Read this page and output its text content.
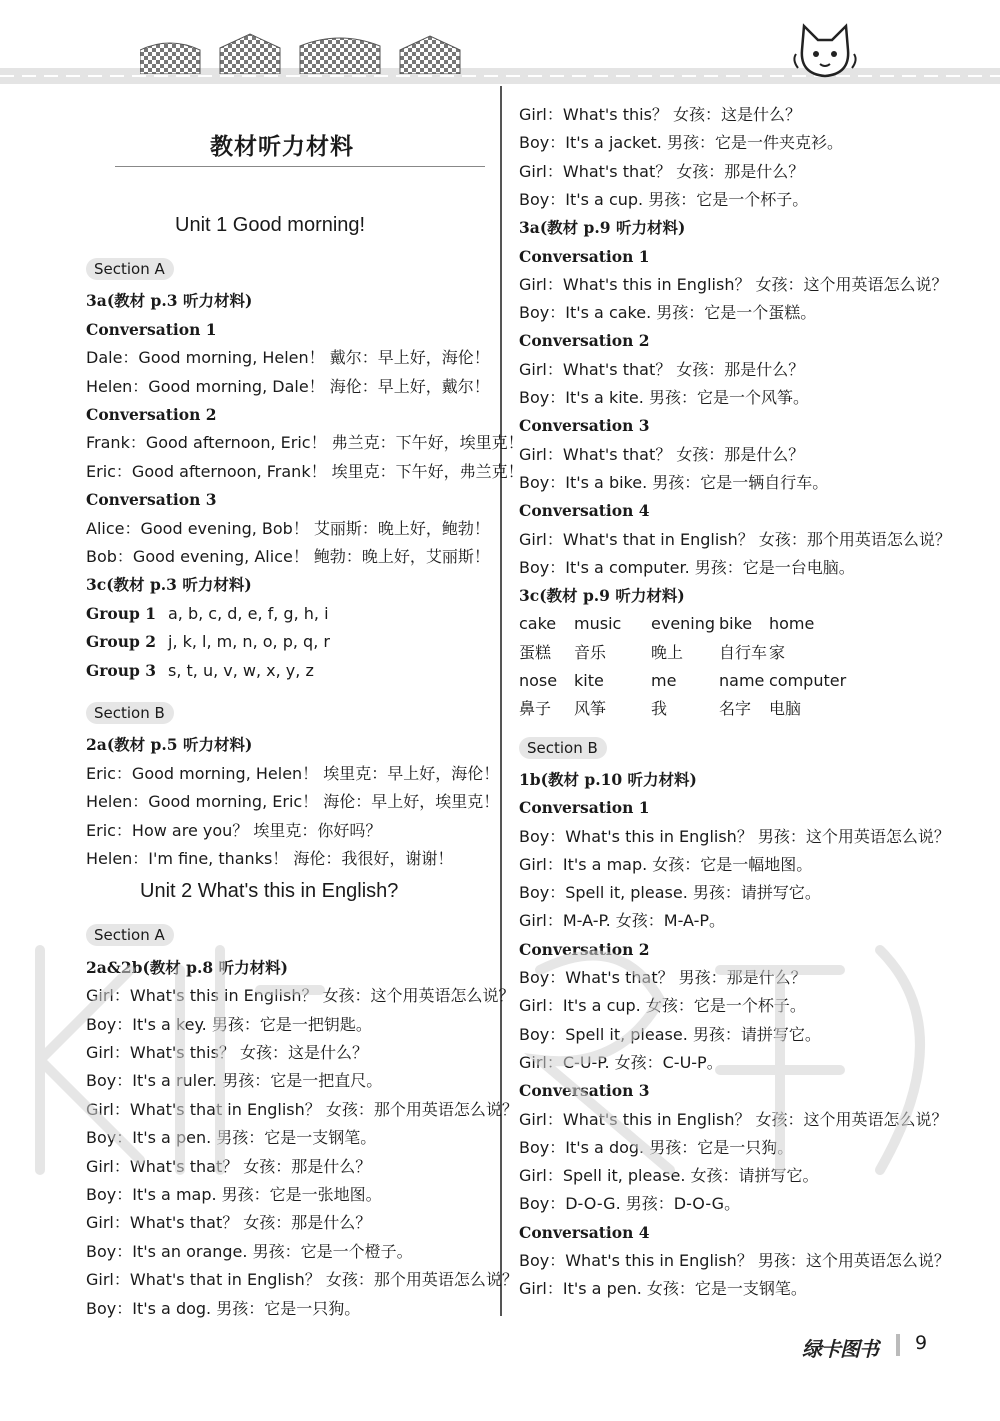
教材听力材料
Unit 1 Good morning!
Section A
3a(教材 p.3 听力材料)
Conversation 1
Dale：Good morning, Helen！ 戴尔：早上好，海伦！
Helen：Good morning, Dale！ 海伦：早上好，戴尔！
Conversation 2
Frank：Good afternoon, Eric！ 弗兰克：下午好，埃里克！
Eric：Good afternoon, Frank！ 埃里克：下午好，弗兰克！
Conversation 3
Alice：Good evening, Bob！ 艾丽斯：晚上好，鲍勃！
Bob：Good evening, Alice！ 鲍勃：晚上好，艾丽斯！
3c(教材 p.3 听力材料)
Group 1 a, b, c, d, e, f, g, h, i
Group 2 j, k, l, m, n, o, p, q, r
Group 3 s, t, u, v, w, x, y, z
Section B
2a(教材 p.5 听力材料)
Eric：Good morning, Helen！ 埃里克：早上好，海伦！
Helen：Good morning, Eric！ 海伦：早上好，埃里克！
Eric：How are you？ 埃里克：你好吗？
Helen：I'm fine, thanks！ 海伦：我很好，谢谢！
Unit 2 What's this in English?
Section A
2a&2b(教材 p.8 听力材料)
Girl：What's this in English？ 女孩：这个用英语怎么说？
Boy：It's a key. 男孩：它是一把钥匙。
Girl：What's this？ 女孩：这是什么？
Boy：It's a ruler. 男孩：它是一把直尺。
Girl：What's that in English？ 女孩：那个用英语怎么说？
Boy：It's a pen. 男孩：它是一支钢笔。
Girl：What's that？ 女孩：那是什么？
Boy：It's a map. 男孩：它是一张地图。
Girl：What's that？ 女孩：那是什么？
Boy：It's an orange. 男孩：它是一个橙子。
Girl：What's that in English？ 女孩：那个用英语怎么说？
Boy：It's a dog. 男孩：它是一只狗。
Girl：What's this？ 女孩：这是什么？
Boy：It's a jacket. 男孩：它是一件夹克衫。
Girl：What's that？ 女孩：那是什么？
Boy：It's a cup. 男孩：它是一个杯子。
3a(教材 p.9 听力材料)
Conversation 1
Girl：What's this in English？ 女孩：这个用英语怎么说？
Boy：It's a cake. 男孩：它是一个蛋糕。
Conversation 2
Girl：What's that？ 女孩：那是什么？
Boy：It's a kite. 男孩：它是一个风筝。
Conversation 3
Girl：What's that？ 女孩：那是什么？
Boy：It's a bike. 男孩：它是一辆自行车。
Conversation 4
Girl：What's that in English？ 女孩：那个用英语怎么说？
Boy：It's a computer. 男孩：它是一台电脑。
3c(教材 p.9 听力材料)
cake music evening bike home
蛋糕 音乐	晚上 自行车 家
nose kite	me	name computer
鼻子 风筝	我	名字 电脑
Section B
1b(教材 p.10 听力材料)
Conversation 1
Boy：What's this in English？ 男孩：这个用英语怎么说？
Girl：It's a map. 女孩：它是一幅地图。
Boy：Spell it, please. 男孩：请拼写它。
Girl：M-A-P. 女孩：M-A-P。
Conversation 2
Boy：What's that？ 男孩：那是什么？
Girl：It's a cup. 女孩：它是一个杯子。
Boy：Spell it, please. 男孩：请拼写它。
Girl：C-U-P. 女孩：C-U-P。
Conversation 3
Girl：What's this in English？ 女孩：这个用英语怎么说？
Boy：It's a dog. 男孩：它是一只狗。
Girl：Spell it, please. 女孩：请拼写它。
Boy：D-O-G. 男孩：D-O-G。
Conversation 4
Boy：What's this in English？ 男孩：这个用英语怎么说？
Girl：It's a pen. 女孩：它是一支钢笔。
绿卡图书 9
